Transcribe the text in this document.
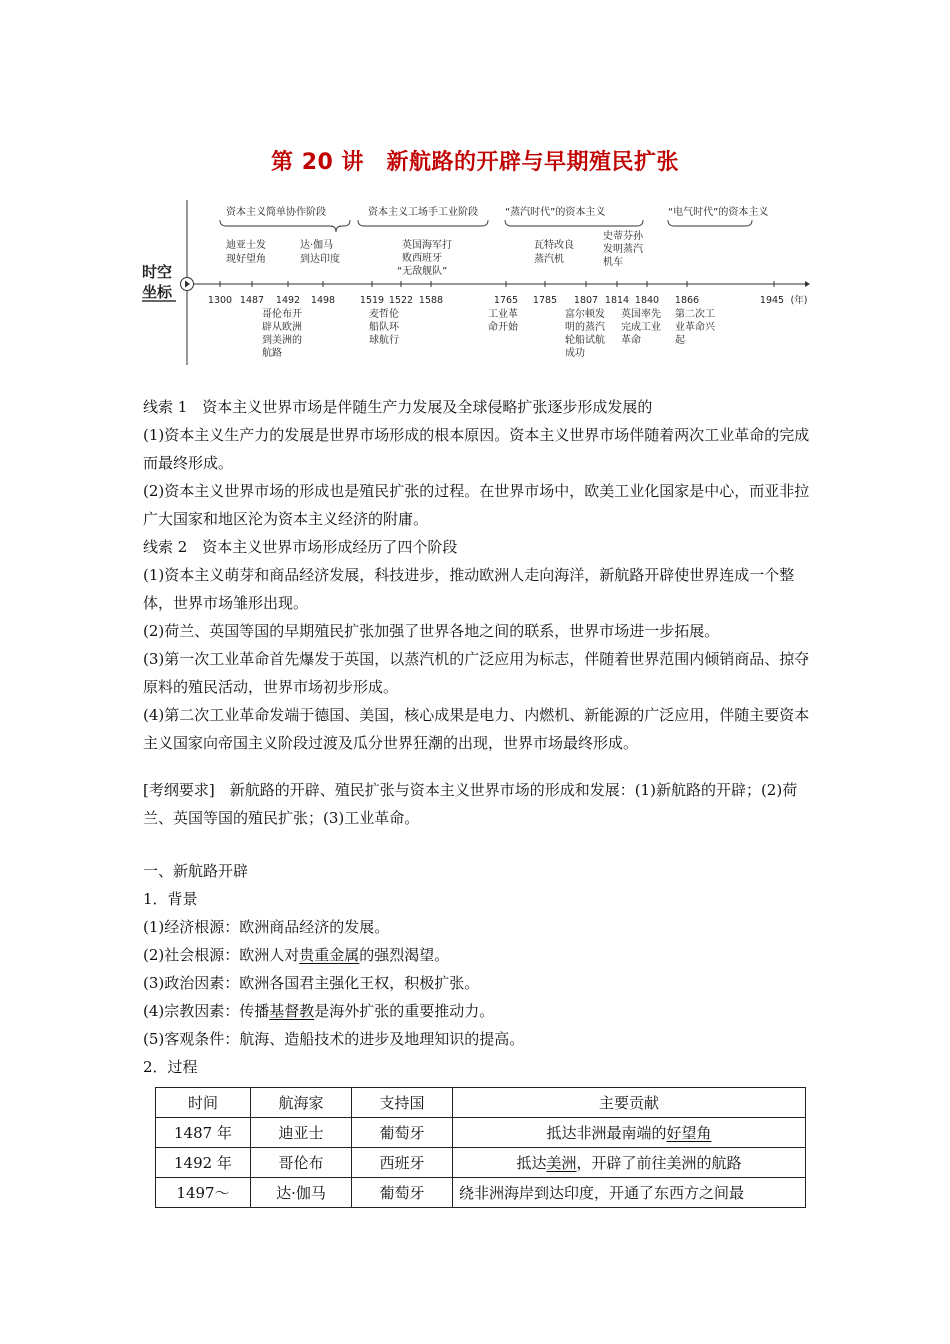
第 20 讲　新航路的开辟与早期殖民扩张
时空
坐标
资本主义简单协作阶段	资本主义工场手工业阶段	“蒸汽时代”的资本主义	“电气时代”的资本主义
1300 1487 1492 1498	1519 1522 1588	1765 1785 1807 1814 1840 1866	1945 (年)
迪亚士发
现好望角
达·伽马
到达印度
英国海军打
败西班牙
“无敌舰队”
瓦特改良
蒸汽机
史蒂芬孙
发明蒸汽
机车
哥伦布开
辟从欧洲
到美洲的
航路
麦哲伦
船队环
球航行
工业革
命开始
富尔顿发
明的蒸汽
轮船试航
成功
英国率先
完成工业
革命
第二次工
业革命兴
起

线索 1　资本主义世界市场是伴随生产力发展及全球侵略扩张逐步形成发展的

(1)资本主义生产力的发展是世界市场形成的根本原因。资本主义世界市场伴随着两次工业革命的完成而最终形成。

(2)资本主义世界市场的形成也是殖民扩张的过程。在世界市场中，欧美工业化国家是中心，而亚非拉广大国家和地区沦为资本主义经济的附庸。

线索 2　资本主义世界市场形成经历了四个阶段

(1)资本主义萌芽和商品经济发展，科技进步，推动欧洲人走向海洋，新航路开辟使世界连成一个整体，世界市场雏形出现。

(2)荷兰、英国等国的早期殖民扩张加强了世界各地之间的联系，世界市场进一步拓展。

(3)第一次工业革命首先爆发于英国，以蒸汽机的广泛应用为标志，伴随着世界范围内倾销商品、掠夺原料的殖民活动，世界市场初步形成。

(4)第二次工业革命发端于德国、美国，核心成果是电力、内燃机、新能源的广泛应用，伴随主要资本主义国家向帝国主义阶段过渡及瓜分世界狂潮的出现，世界市场最终形成。

[考纲要求]　新航路的开辟、殖民扩张与资本主义世界市场的形成和发展：(1)新航路的开辟；(2)荷兰、英国等国的殖民扩张；(3)工业革命。

一、新航路开辟

1．背景

(1)经济根源：欧洲商品经济的发展。

(2)社会根源：欧洲人对贵重金属的强烈渴望。

(3)政治因素：欧洲各国君主强化王权，积极扩张。

(4)宗教因素：传播基督教是海外扩张的重要推动力。

(5)客观条件：航海、造船技术的进步及地理知识的提高。

2．过程

时间	航海家	支持国	主要贡献
1487 年	迪亚士	葡萄牙	抵达非洲最南端的好望角
1492 年	哥伦布	西班牙	抵达美洲，开辟了前往美洲的航路
1497～	达·伽马	葡萄牙	绕非洲海岸到达印度，开通了东西方之间最
